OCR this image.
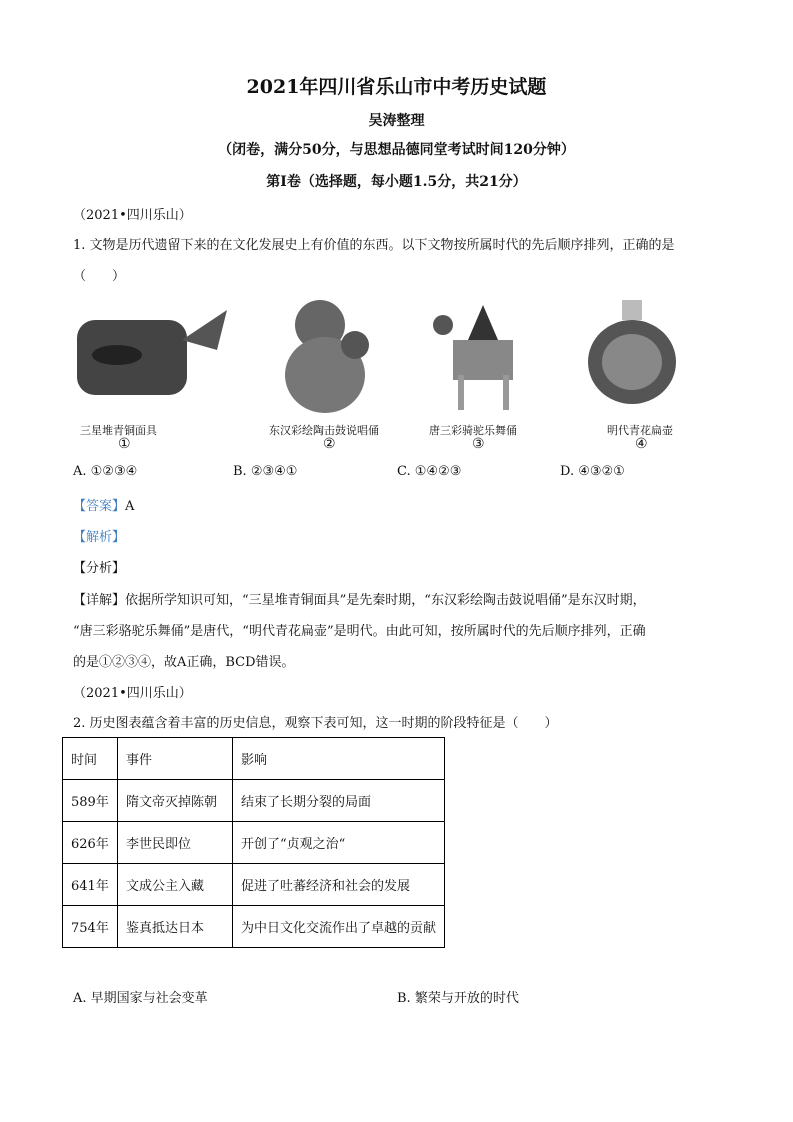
2021年四川省乐山市中考历史试题
吴涛整理
（闭卷，满分50分，与思想品德同堂考试时间120分钟）
第Ⅰ卷（选择题，每小题1.5分，共21分）
（2021•四川乐山）
1. 文物是历代遗留下来的在文化发展史上有价值的东西。以下文物按所属时代的先后顺序排列，正确的是
（　　）
三星堆青铜面具
①
东汉彩绘陶击鼓说唱俑
②
唐三彩骑驼乐舞俑
③
明代青花扁壶
④
A. ①②③④	B. ②③④①	C. ①④②③	D. ④③②①
【答案】A
【解析】
【分析】
【详解】依据所学知识可知，“三星堆青铜面具”是先秦时期，“东汉彩绘陶击鼓说唱俑”是东汉时期，
“唐三彩骆驼乐舞俑”是唐代，“明代青花扁壶”是明代。由此可知，按所属时代的先后顺序排列，正确
的是①②③④，故A正确，BCD错误。
（2021•四川乐山）
2. 历史图表蕴含着丰富的历史信息，观察下表可知，这一时期的阶段特征是（　　）
时间	事件	影响
589年	隋文帝灭掉陈朝	结束了长期分裂的局面
626年	李世民即位	开创了“贞观之治“
641年	文成公主入藏	促进了吐蕃经济和社会的发展
754年	鉴真抵达日本	为中日文化交流作出了卓越的贡献
A. 早期国家与社会变革	B. 繁荣与开放的时代
